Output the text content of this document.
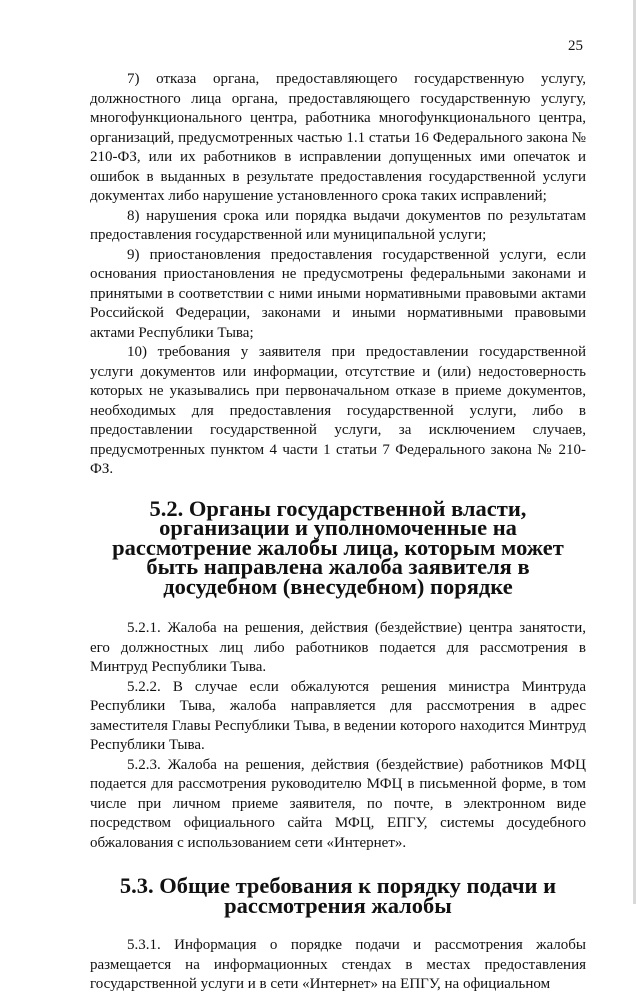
25

7) отказа органа, предоставляющего государственную услугу, должностного лица органа, предоставляющего государственную услугу, многофункционального центра, работника многофункционального центра, организаций, предусмотренных частью 1.1 статьи 16 Федерального закона № 210-ФЗ, или их работников в исправлении допущенных ими опечаток и ошибок в выданных в результате предоставления государственной услуги документах либо нарушение установленного срока таких исправлений;

8) нарушения срока или порядка выдачи документов по результатам предоставления государственной или муниципальной услуги;

9) приостановления предоставления государственной услуги, если основания приостановления не предусмотрены федеральными законами и принятыми в соответствии с ними иными нормативными правовыми актами Российской Федерации, законами и иными нормативными правовыми актами Республики Тыва;

10) требования у заявителя при предоставлении государственной услуги документов или информации, отсутствие и (или) недостоверность которых не указывались при первоначальном отказе в приеме документов, необходимых для предоставления государственной услуги, либо в предоставлении государственной услуги, за исключением случаев, предусмотренных пунктом 4 части 1 статьи 7 Федерального закона № 210-ФЗ.

5.2. Органы государственной власти, организации и уполномоченные на рассмотрение жалобы лица, которым может быть направлена жалоба заявителя в досудебном (внесудебном) порядке

5.2.1. Жалоба на решения, действия (бездействие) центра занятости, его должностных лиц либо работников подается для рассмотрения в Минтруд Республики Тыва.

5.2.2. В случае если обжалуются решения министра Минтруда Республики Тыва, жалоба направляется для рассмотрения в адрес заместителя Главы Республики Тыва, в ведении которого находится Минтруд Республики Тыва.

5.2.3. Жалоба на решения, действия (бездействие) работников МФЦ подается для рассмотрения руководителю МФЦ в письменной форме, в том числе при личном приеме заявителя, по почте, в электронном виде посредством официального сайта МФЦ, ЕПГУ, системы досудебного обжалования с использованием сети «Интернет».

5.3. Общие требования к порядку подачи и рассмотрения жалобы

5.3.1. Информация о порядке подачи и рассмотрения жалобы размещается на информационных стендах в местах предоставления государственной услуги и в сети «Интернет» на ЕПГУ, на официальном
